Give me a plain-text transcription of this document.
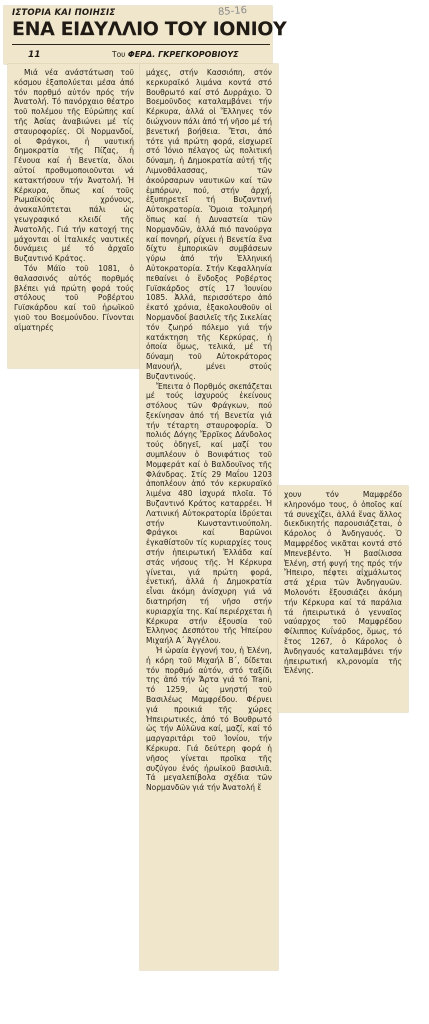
ΙΣΤΟΡΙΑ ΚΑΙ ΠΟΙΗΣΙΣ	85-16
ΕΝΑ ΕΙΔΥΛΛΙΟ ΤΟΥ ΙΟΝΙΟΥ
11	Του ΦΕΡΔ. ΓΚΡΕΓΚΟΡΟΒΙΟΥΣ

Μιά νέα ανάστάτωση τοῦ κόσμου ἐξαπολύεται μέσα ἀπό τόν πορθμό αὐτόν πρός τήν Ἀνατολή. Τό πανόρχαιο θέατρο τοῦ πολέμου τῆς Εὐρώπης καί τῆς Ἀσίας ἀναβιώνει μέ τίς σταυροφορίες. Οἱ Νορμανδοί, οἱ Φράγκοι, ἡ ναυτική δημοκρατία τῆς Πίζας, ἡ Γένουα καί ἡ Βενετία, ὅλοι αὐτοί προθυμοποιοῦνται νά κατακτήσουν τήν Ἀνατολή. Ἡ Κέρκυρα, ὅπως καί τοῦς Ρωμαϊκούς χρόνους, ἀνακαλύπτεται πάλι ὡς γεωγραφικό κλειδί τῆς Ἀνατολῆς. Γιά τήν κατοχή της μάχονται οἱ ἰταλικές ναυτικές δυνάμεις μέ τό ἀρχαῖο Βυζαντινό Κράτος.

Τόν Μάϊο τοῦ 1081, ὁ θαλασσινός αὐτός πορθμός βλέπει γιά πρώτη φορά τούς στόλους τοῦ Ροβέρτου Γυϊσκάρδου καί τοῦ ἡρωϊκοῦ γιοῦ του Βοεμούνδου. Γίνονται αἱματηρές

μάχες, στήν Κασσιόπη, στόν κερκυραϊκό λιμάνα κοντά στό Βουθρωτό καί στό Δυρράχιο. Ὁ Βοεμοῦνδος καταλαμβάνει τήν Κέρκυρα, ἀλλά οἱ Ἕλληνες τόν διώχνουν πάλι ἀπό τή νῆσο μέ τή βενετική βοήθεια. Ἔτσι, ἀπό τότε γιά πρώτη φορά, εἰσχωρεῖ στό Ἰόνιο πέλαγος ὡς πολιτική δύναμη, ἡ Δημοκρατία αὐτή τῆς Λιμνοθάλασσας, τῶν ἀκούρσαρων ναυτικῶν καί τῶν ἐμπόρων, πού, στήν ἀρχή, ἐξυπηρετεῖ τή Βυζαντινή Αὐτοκρατορία. Ὅμοια τολμηρή ὅπως καί ἡ Δυναστεία τῶν Νορμανδῶν, ἀλλά πιό πανούργα καί πονηρή, ρίχνει ἡ Βενετία ἕνα δίχτυ ἐμπορικῶν συμβάσεων γύρω ἀπό τήν Ἑλληνική Αὐτοκρατορία. Στήν Κεφαλληνία πεθαίνει ὁ ἔνδοξος Ροβέρτος Γυϊσκάρδος στίς 17 Ἰουνίου 1085. Ἀλλά, περισσότερο ἀπό ἑκατό χρόνια, ἐξακολουθοῦν οἱ Νορμανδοί βασιλεῖς τῆς Σικελίας τόν ζωηρό πόλεμο γιά τήν κατάκτηση τῆς Κερκύρας, ἡ ὁποία ὅμως, τελικά, μέ τή δύναμη τοῦ Αὐτοκράτορος Μανουήλ, μένει στούς Βυζαντινούς.

Ἔπειτα ὁ Πορθμός σκεπάζεται μέ τούς ἰσχυρούς ἐκείνους στόλους τῶν Φράγκων, πού ξεκίνησαν ἀπό τή Βενετία γιά τήν τέταρτη σταυροφορία. Ὁ πολιός Δόγης Ἔρρῖκος Δάνδολος τούς ὁδηγεῖ, καί μαζί του συμπλέουν ὁ Βονιφάτιος τοῦ Μομφεράτ καί ὁ Βαλδουῖνος τῆς Φλάνδρας. Στίς 29 Μαΐου 1203 ἀποπλέουν ἀπό τόν κερκυραϊκό λιμένα 480 ἰσχυρά πλοῖα. Τό Βυζαντινό Κράτος καταρρέει. Ἡ Λατινική Αὐτοκρατορία ἱδρύεται στήν Κωνσταντινούπολη. Φράγκοι καί Βαρῶνοι ἐγκαθίστοῦν τίς κυριαρχίες τους στήν ἠπειρωτική Ἑλλάδα καί στάς νήσους τῆς. Ἡ Κέρκυρα γίνεται, γιά πρώτη φορά, ἐνετική, ἀλλά ἡ Δημοκρατία εἶναι ἀκόμη ἀνίσχυρη γιά νά διατηρήση τή νῆσο στήν κυριαρχία της. Καί περιέρχεται ἡ Κέρκυρα στήν ἐξουσία τοῦ Ἑλληνος Δεσπότου τῆς Ἠπείρου Μιχαήλ Α΄ Ἀγγέλου.

Ἡ ὡραία ἐγγονή του, ἡ Ἑλένη, ἡ κόρη τοῦ Μιχαήλ Β΄, δίδεται τόν πορθμό αὐτόν, στό ταξίδι της ἀπό τήν Ἄρτα γιά τό Trani, τό 1259, ὡς μνηστή τοῦ Βασιλέως Μαμφρέδου. Φέρνει γιά προικιά τῆς χώρες Ἠπειρωτικές, ἀπό τό Βουθρωτό ὡς τήν Αὐλῶνα καί, μαζί, καί τό μαργαριτάρι τοῦ Ἰονίου, τήν Κέρκυρα. Γιά δεύτερη φορά ἡ νῆσος γίνεται προῖκα τῆς συζύγου ἑνός ἡρωϊκοῦ βασιλιᾶ. Τά μεγαλεπίβολα σχέδια τῶν Νορμανδῶν γιά τήν Ἀνατολή ἔ

χουν τόν Μαμφρέδο κληρονόμο τους, ὁ ὁποῖος καί τά συνεχίζει, ἀλλά ἕνας ἄλλος διεκδικητής παρουσιάζεται, ὁ Κάρολος ὁ Ἀνδηγαυός. Ὁ Μαμφρέδος νικᾶται κοντά στό Μπενεβέντο. Ἡ βασίλισσα Ἑλένη, στή φυγή της πρός τήν Ἤπειρο, πέφτει αἰχμάλωτος στά χέρια τῶν Ἀνδηγαυῶν. Μολονότι ἔξουσιάζει ἀκόμη τήν Κέρκυρα καί τά παράλια τά ἠπειρωτικά ὁ γενναῖος ναύαρχος τοῦ Μαμφρέδου Φίλιππος Κυΐνάρδος, ὅμως, τό ἔτος 1267, ὁ Κάρολος ὁ Ἀνδηγαυός καταλαμβάνει τήν ἠπειρωτική κλ,ρονομία τῆς Ἑλένης.
